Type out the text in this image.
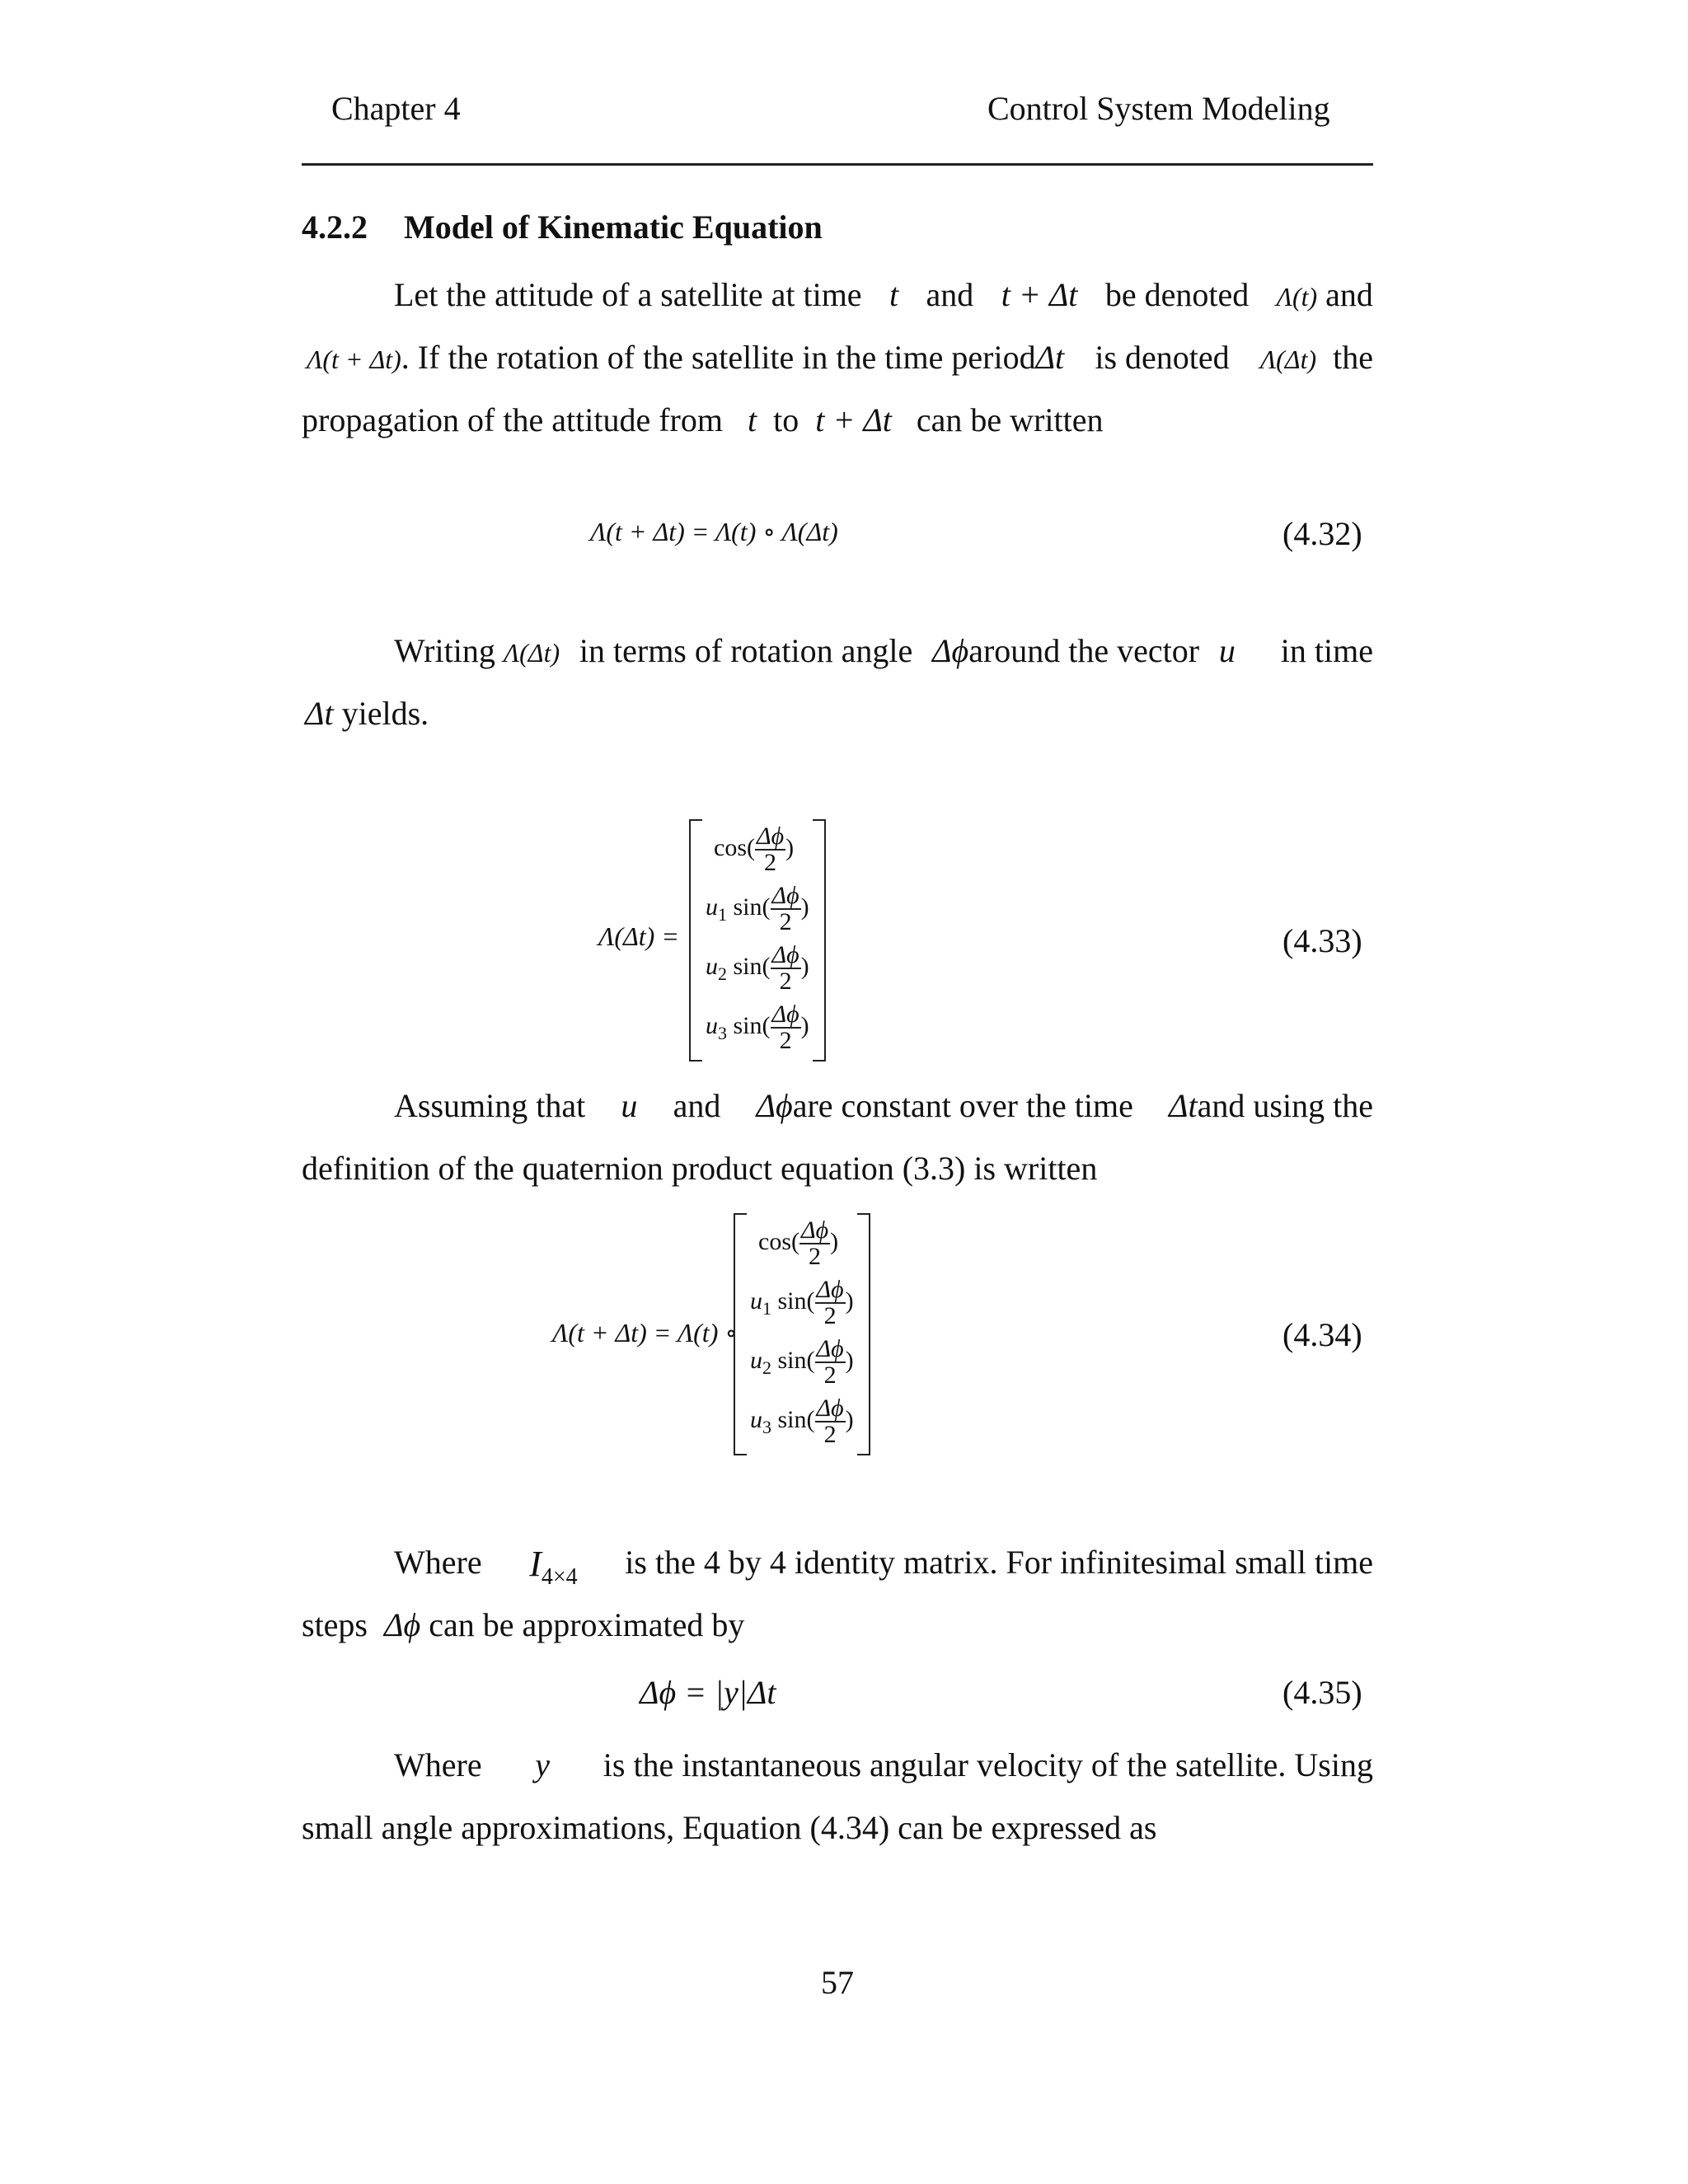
Chapter 4	Control System Modeling
4.2.2 Model of Kinematic Equation
Let the attitude of a satellite at time t and t + Δt be denoted Λ(t) and
Λ(t + Δt). If the rotation of the satellite in the time periodΔt is denoted Λ(Δt) the
propagation of the attitude from t to t + Δt can be written
Λ(t + Δt) = Λ(t) ∘ Λ(Δt)	(4.32)
Writing Λ(Δt) in terms of rotation angle Δϕaround the vector u⃗ in time
Δt yields.
Λ(Δt) =
$\cos( \frac{\Delta\phi}{2}$ )
$u_1$ $\sin( \frac{\Delta\phi}{2}$ )
$u_2$ $\sin( \frac{\Delta\phi}{2}$ )
$u_3$ $\sin( \frac{\Delta\phi}{2}$ )
(4.33)
Assuming that u and Δϕare constant over the time Δtand using the
definition of the quaternion product equation (3.3) is written
Λ(t + Δt) = Λ(t) ∘
$\cos( \frac{\Delta\phi}{2}$ )
$u_1$ $\sin( \frac{\Delta\phi}{2}$ )
$u_2$ $\sin( \frac{\Delta\phi}{2}$ )
$u_3$ $\sin( \frac{\Delta\phi}{2}$ )
(4.34)
Where $I_{4\times 4}$ is the 4 by 4 identity matrix. For infinitesimal small time
steps Δϕ can be approximated by
Δϕ = |y|Δt	(4.35)
Where y is the instantaneous angular velocity of the satellite. Using
small angle approximations, Equation (4.34) can be expressed as
57
